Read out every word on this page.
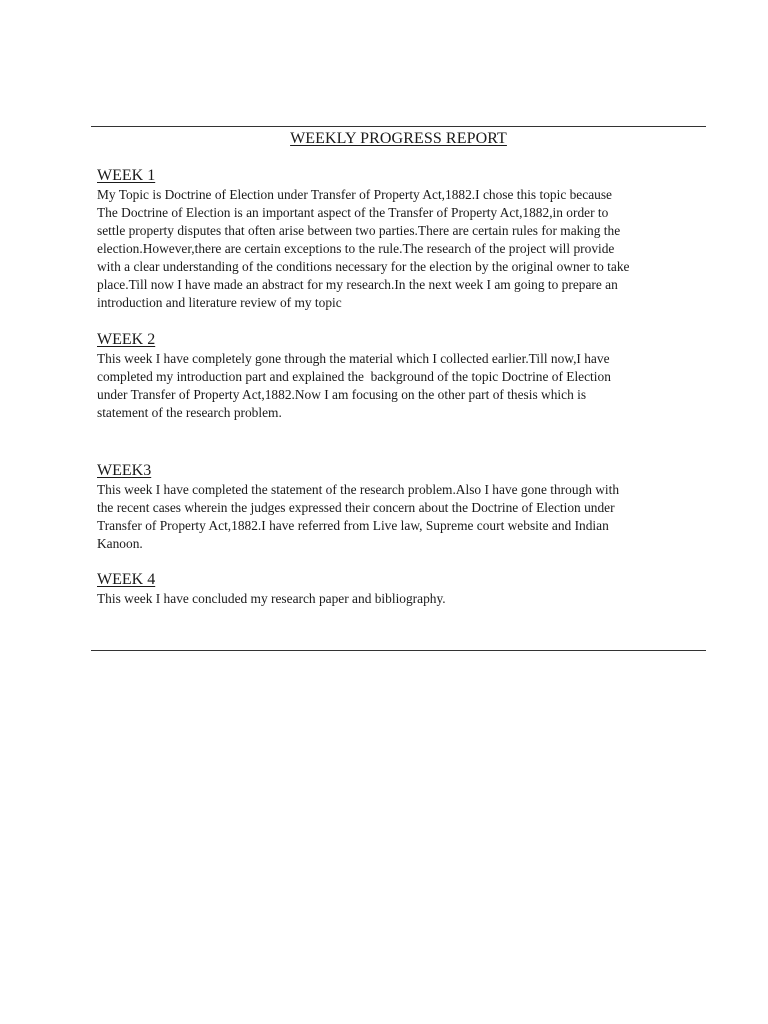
WEEKLY PROGRESS REPORT
WEEK 1

My Topic is Doctrine of Election under Transfer of Property Act,1882.I chose this topic because
The Doctrine of Election is an important aspect of the Transfer of Property Act,1882,in order to
settle property disputes that often arise between two parties.There are certain rules for making the
election.However,there are certain exceptions to the rule.The research of the project will provide
with a clear understanding of the conditions necessary for the election by the original owner to take
place.Till now I have made an abstract for my research.In the next week I am going to prepare an
introduction and literature review of my topic

WEEK 2

This week I have completely gone through the material which I collected earlier.Till now,I have
completed my introduction part and explained the  background of the topic Doctrine of Election
under Transfer of Property Act,1882.Now I am focusing on the other part of thesis which is
statement of the research problem.

WEEK3

This week I have completed the statement of the research problem.Also I have gone through with
the recent cases wherein the judges expressed their concern about the Doctrine of Election under
Transfer of Property Act,1882.I have referred from Live law, Supreme court website and Indian
Kanoon.

WEEK 4

This week I have concluded my research paper and bibliography.
